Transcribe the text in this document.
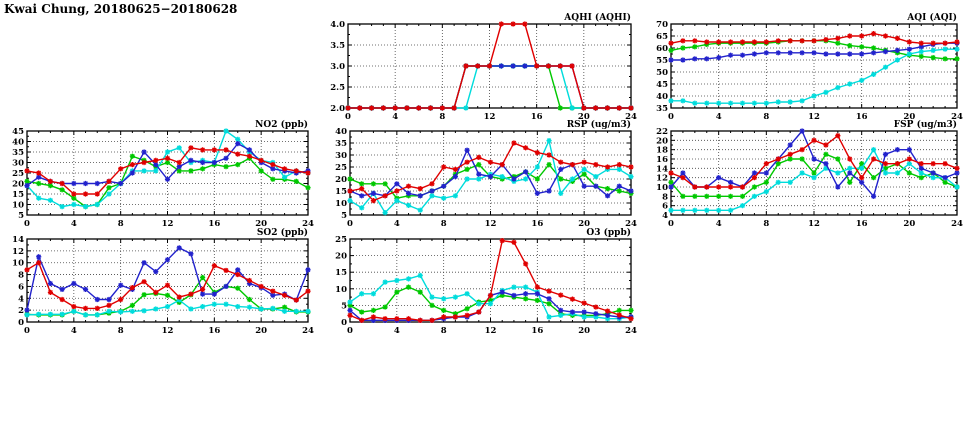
Kwai Chung, 20180625−20180628
0	4	8	12	16	20	24
2.0
2.5
3.0
3.5
4.0
AQHI (AQHI)
0	4	8	12	16	20	24
35
40
45
50
55
60
65
70
AQI (AQI)
0	4	8	12	16	20	24
5
10
15
20
25
30
35
40
45
NO2 (ppb)
0	4	8	12	16	20	24
5
10
15
20
25
30
35
40
RSP (ug/m3)
0	4	8	12	16	20	24
4
6
8
10
12
14
16
18
20
22
FSP (ug/m3)
0	4	8	12	16	20	24
0
2
4
6
8
10
12
14
SO2 (ppb)
0	4	8	12	16	20	24
0
5
10
15
20
25
O3 (ppb)
